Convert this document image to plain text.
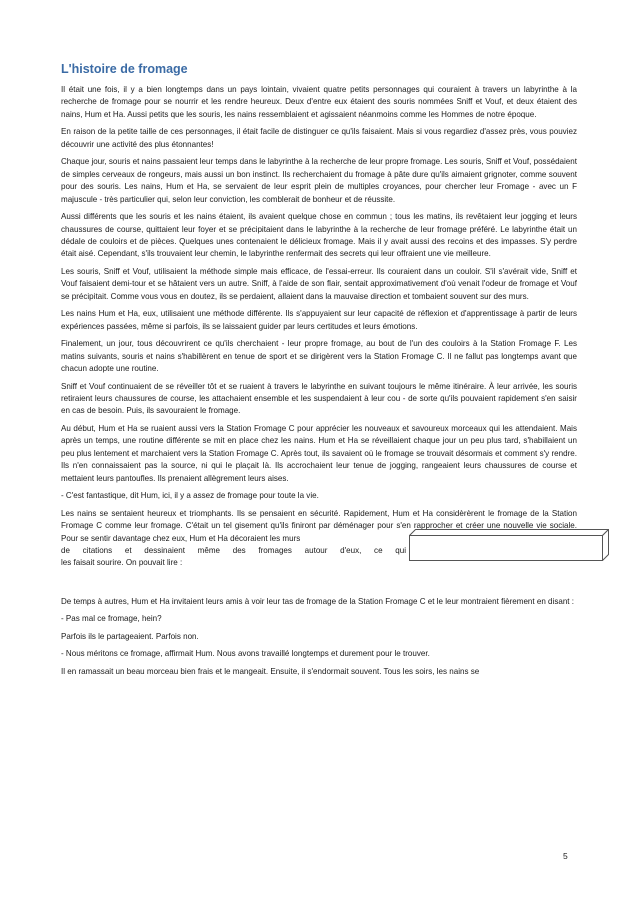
L'histoire de fromage

Il était une fois, il y a bien longtemps dans un pays lointain, vivaient quatre petits personnages qui couraient à travers un labyrinthe à la recherche de fromage pour se nourrir et les rendre heureux. Deux d'entre eux étaient des souris nommées Sniff et Vouf, et deux étaient des nains, Hum et Ha. Aussi petits que les souris, les nains ressemblaient et agissaient néanmoins comme les Hommes de notre époque.

En raison de la petite taille de ces personnages, il était facile de distinguer ce qu'ils faisaient. Mais si vous regardiez d'assez près, vous pouviez découvrir une activité des plus étonnantes!

Chaque jour, souris et nains passaient leur temps dans le labyrinthe à la recherche de leur propre fromage. Les souris, Sniff et Vouf, possédaient de simples cerveaux de rongeurs, mais aussi un bon instinct. Ils recherchaient du fromage à pâte dure qu'ils aimaient grignoter, comme souvent pour des souris. Les nains, Hum et Ha, se servaient de leur esprit plein de multiples croyances, pour chercher leur Fromage - avec un F majuscule - très particulier qui, selon leur conviction, les comblerait de bonheur et de réussite.

Aussi différents que les souris et les nains étaient, ils avaient quelque chose en commun ; tous les matins, ils revêtaient leur jogging et leurs chaussures de course, quittaient leur foyer et se précipitaient dans le labyrinthe à la recherche de leur fromage préféré. Le labyrinthe était un dédale de couloirs et de pièces. Quelques unes contenaient le délicieux fromage. Mais il y avait aussi des recoins et des impasses. S'y perdre était aisé. Cependant, s'ils trouvaient leur chemin, le labyrinthe renfermait des secrets qui leur offraient une vie meilleure.

Les souris, Sniff et Vouf, utilisaient la méthode simple mais efficace, de l'essai-erreur. Ils couraient dans un couloir. S'il s'avérait vide, Sniff et Vouf faisaient demi-tour et se hâtaient vers un autre. Sniff, à l'aide de son flair, sentait approximativement d'où venait l'odeur de fromage et Vouf se précipitait. Comme vous vous en doutez, ils se perdaient, allaient dans la mauvaise direction et tombaient souvent sur des murs.

Les nains Hum et Ha, eux, utilisaient une méthode différente. Ils s'appuyaient sur leur capacité de réflexion et d'apprentissage à partir de leurs expériences passées, même si parfois, ils se laissaient guider par leurs certitudes et leurs émotions.

Finalement, un jour, tous découvrirent ce qu'ils cherchaient - leur propre fromage, au bout de l'un des couloirs à la Station Fromage F. Les matins suivants, souris et nains s'habillèrent en tenue de sport et se dirigèrent vers la Station Fromage C. Il ne fallut pas longtemps avant que chacun adopte une routine.

Sniff et Vouf continuaient de se réveiller tôt et se ruaient à travers le labyrinthe en suivant toujours le même itinéraire. À leur arrivée, les souris retiraient leurs chaussures de course, les attachaient ensemble et les suspendaient à leur cou - de sorte qu'ils pouvaient rapidement s'en saisir en cas de besoin. Puis, ils savouraient le fromage.

Au début, Hum et Ha se ruaient aussi vers la Station Fromage C pour apprécier les nouveaux et savoureux morceaux qui les attendaient. Mais après un temps, une routine différente se mit en place chez les nains. Hum et Ha se réveillaient chaque jour un peu plus tard, s'habillaient un peu plus lentement et marchaient vers la Station Fromage C. Après tout, ils savaient où le fromage se trouvait désormais et comment s'y rendre. Ils n'en connaissaient pas la source, ni qui le plaçait là. Ils accrochaient leur tenue de jogging, rangeaient leurs chaussures de course et mettaient leurs pantoufles. Ils prenaient allègrement leurs aises.

- C'est fantastique, dit Hum, ici, il y a assez de fromage pour toute la vie.

Les nains se sentaient heureux et triomphants. Ils se pensaient en sécurité. Rapidement, Hum et Ha considèrèrent le fromage de la Station Fromage C comme leur fromage. C'était un tel gisement qu'ils finiront par déménager pour s'en rapprocher et créer une nouvelle vie sociale. Pour se sentir davantage chez eux, Hum et Ha décoraient les murs

de citations et dessinaient même des fromages autour d'eux, ce qui
les faisait sourire. On pouvait lire :

De temps à autres, Hum et Ha invitaient leurs amis à voir leur tas de fromage de la Station Fromage C et le leur montraient fièrement en disant :

- Pas mal ce fromage, hein?

Parfois ils le partageaient. Parfois non.

- Nous méritons ce fromage, affirmait Hum. Nous avons travaillé longtemps et durement pour le trouver.

Il en ramassait un beau morceau bien frais et le mangeait. Ensuite, il s'endormait souvent. Tous les soirs, les nains se

5
